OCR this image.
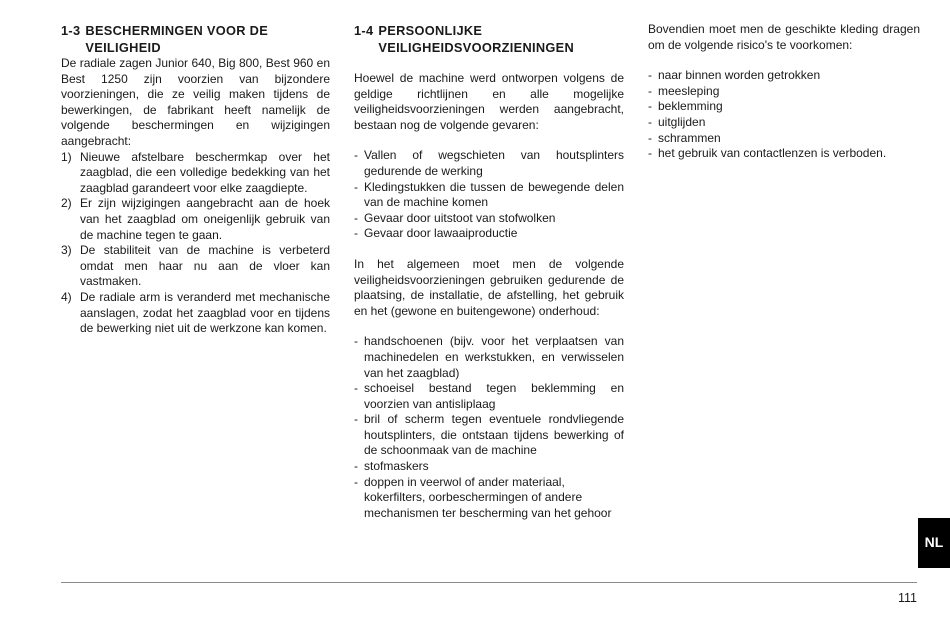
1-3 BESCHERMINGEN VOOR DE VEILIGHEID

De radiale zagen Junior 640, Big 800, Best 960 en Best 1250 zijn voorzien van bijzondere voorzieningen, die ze veilig maken tijdens de bewerkingen, de fabrikant heeft namelijk de volgende beschermingen en wijzigingen aangebracht:

1) Nieuwe afstelbare beschermkap over het zaagblad, die een volledige bedekking van het zaagblad garandeert voor elke zaagdiepte.
2) Er zijn wijzigingen aangebracht aan de hoek van het zaagblad om oneigenlijk gebruik van de machine tegen te gaan.
3) De stabiliteit van de machine is verbeterd omdat men haar nu aan de vloer kan vastmaken.
4) De radiale arm is veranderd met mechanische aanslagen, zodat het zaagblad voor en tijdens de bewerking niet uit de werkzone kan komen.
1-4 PERSOONLIJKE VEILIGHEIDSVOORZIENINGEN

Hoewel de machine werd ontworpen volgens de geldige richtlijnen en alle mogelijke veiligheidsvoorzieningen werden aangebracht, bestaan nog de volgende gevaren:

- Vallen of wegschieten van houtsplinters gedurende de werking
- Kledingstukken die tussen de bewegende delen van de machine komen
- Gevaar door uitstoot van stofwolken
- Gevaar door lawaaiproductie

In het algemeen moet men de volgende veiligheidsvoorzieningen gebruiken gedurende de plaatsing, de installatie, de afstelling, het gebruik en het (gewone en buitengewone) onderhoud:

- handschoenen (bijv. voor het verplaatsen van machinedelen en werkstukken, en verwisselen van het zaagblad)
- schoeisel bestand tegen beklemming en voorzien van antisliplaag
- bril of scherm tegen eventuele rondvliegende houtsplinters, die ontstaan tijdens bewerking of de schoonmaak van de machine
- stofmaskers
- doppen in veerwol of ander materiaal, kokerfilters, oorbeschermingen of andere mechanismen ter bescherming van het gehoor

Bovendien moet men de geschikte kleding dragen om de volgende risico's te voorkomen:

- naar binnen worden getrokken
- meesleping
- beklemming
- uitglijden
- schrammen
- het gebruik van contactlenzen is verboden.
NL
111
